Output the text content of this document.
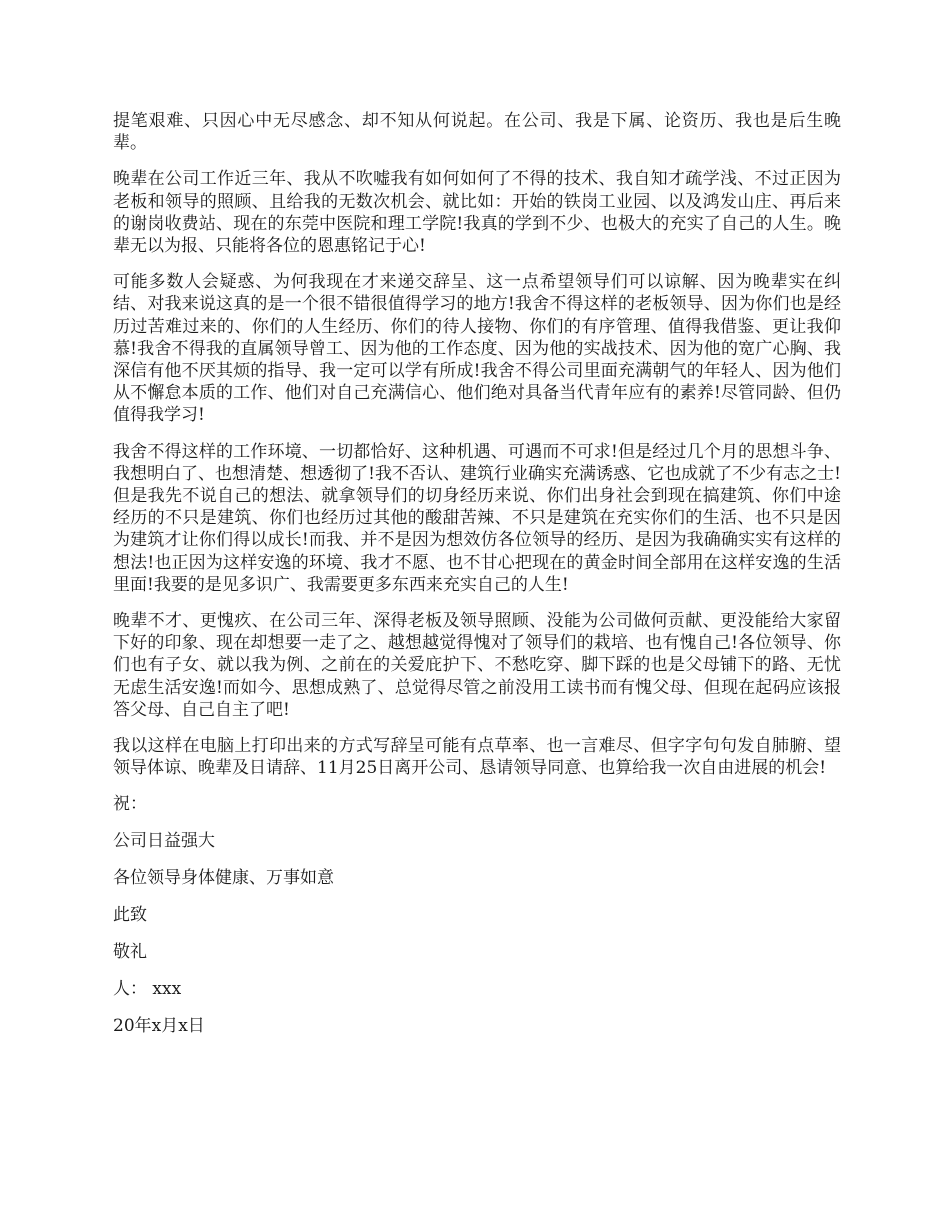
提笔艰难、只因心中无尽感念、却不知从何说起。在公司、我是下属、论资历、我也是后生晚辈。

晚辈在公司工作近三年、我从不吹嘘我有如何如何了不得的技术、我自知才疏学浅、不过正因为老板和领导的照顾、且给我的无数次机会、就比如：开始的铁岗工业园、以及鸿发山庄、再后来的谢岗收费站、现在的东莞中医院和理工学院!我真的学到不少、也极大的充实了自己的人生。晚辈无以为报、只能将各位的恩惠铭记于心!

可能多数人会疑惑、为何我现在才来递交辞呈、这一点希望领导们可以谅解、因为晚辈实在纠结、对我来说这真的是一个很不错很值得学习的地方!我舍不得这样的老板领导、因为你们也是经历过苦难过来的、你们的人生经历、你们的待人接物、你们的有序管理、值得我借鉴、更让我仰慕!我舍不得我的直属领导曾工、因为他的工作态度、因为他的实战技术、因为他的宽广心胸、我深信有他不厌其烦的指导、我一定可以学有所成!我舍不得公司里面充满朝气的年轻人、因为他们从不懈怠本质的工作、他们对自己充满信心、他们绝对具备当代青年应有的素养!尽管同龄、但仍值得我学习!

我舍不得这样的工作环境、一切都恰好、这种机遇、可遇而不可求!但是经过几个月的思想斗争、我想明白了、也想清楚、想透彻了!我不否认、建筑行业确实充满诱惑、它也成就了不少有志之士!但是我先不说自己的想法、就拿领导们的切身经历来说、你们出身社会到现在搞建筑、你们中途经历的不只是建筑、你们也经历过其他的酸甜苦辣、不只是建筑在充实你们的生活、也不只是因为建筑才让你们得以成长!而我、并不是因为想效仿各位领导的经历、是因为我确确实实有这样的想法!也正因为这样安逸的环境、我才不愿、也不甘心把现在的黄金时间全部用在这样安逸的生活里面!我要的是见多识广、我需要更多东西来充实自己的人生!

晚辈不才、更愧疚、在公司三年、深得老板及领导照顾、没能为公司做何贡献、更没能给大家留下好的印象、现在却想要一走了之、越想越觉得愧对了领导们的栽培、也有愧自己!各位领导、你们也有子女、就以我为例、之前在的关爱庇护下、不愁吃穿、脚下踩的也是父母铺下的路、无忧无虑生活安逸!而如今、思想成熟了、总觉得尽管之前没用工读书而有愧父母、但现在起码应该报答父母、自己自主了吧!

我以这样在电脑上打印出来的方式写辞呈可能有点草率、也一言难尽、但字字句句发自肺腑、望领导体谅、晚辈及日请辞、11月25日离开公司、恳请领导同意、也算给我一次自由进展的机会!

祝：

公司日益强大

各位领导身体健康、万事如意

此致

敬礼

人： xxx

20年x月x日
